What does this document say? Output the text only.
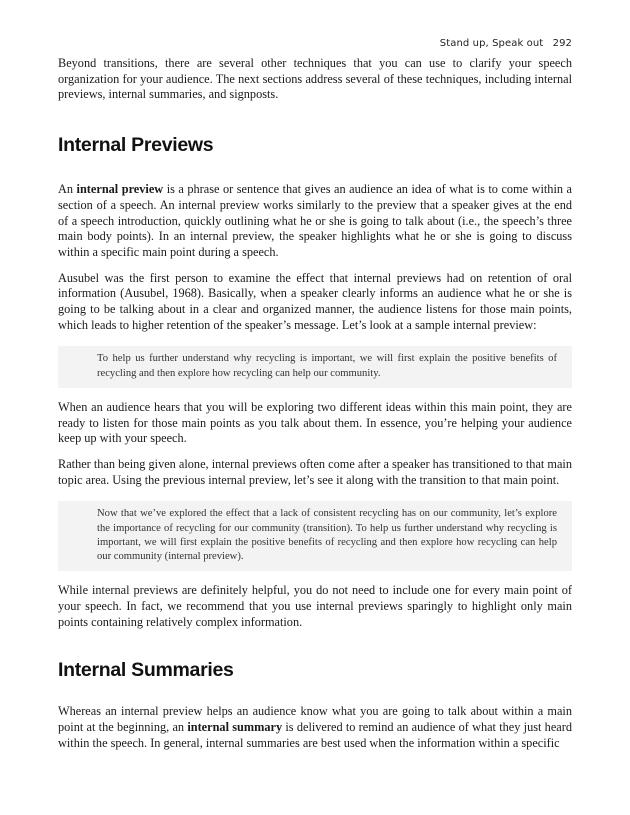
Stand up, Speak out 292

Beyond transitions, there are several other techniques that you can use to clarify your speech organization for your audience. The next sections address several of these techniques, including internal previews, internal summaries, and signposts.

Internal Previews

An internal preview is a phrase or sentence that gives an audience an idea of what is to come within a section of a speech. An internal preview works similarly to the preview that a speaker gives at the end of a speech introduction, quickly outlining what he or she is going to talk about (i.e., the speech’s three main body points). In an internal preview, the speaker highlights what he or she is going to discuss within a specific main point during a speech.

Ausubel was the first person to examine the effect that internal previews had on retention of oral information (Ausubel, 1968). Basically, when a speaker clearly informs an audience what he or she is going to be talking about in a clear and organized manner, the audience listens for those main points, which leads to higher retention of the speaker’s message. Let’s look at a sample internal preview:

To help us further understand why recycling is important, we will first explain the positive benefits of recycling and then explore how recycling can help our community.

When an audience hears that you will be exploring two different ideas within this main point, they are ready to listen for those main points as you talk about them. In essence, you’re helping your audience keep up with your speech.

Rather than being given alone, internal previews often come after a speaker has transitioned to that main topic area. Using the previous internal preview, let’s see it along with the transition to that main point.

Now that we’ve explored the effect that a lack of consistent recycling has on our community, let’s explore the importance of recycling for our community (transition). To help us further understand why recycling is important, we will first explain the positive benefits of recycling and then explore how recycling can help our community (internal preview).

While internal previews are definitely helpful, you do not need to include one for every main point of your speech. In fact, we recommend that you use internal previews sparingly to highlight only main points containing relatively complex information.

Internal Summaries

Whereas an internal preview helps an audience know what you are going to talk about within a main point at the beginning, an internal summary is delivered to remind an audience of what they just heard within the speech. In general, internal summaries are best used when the information within a specific
